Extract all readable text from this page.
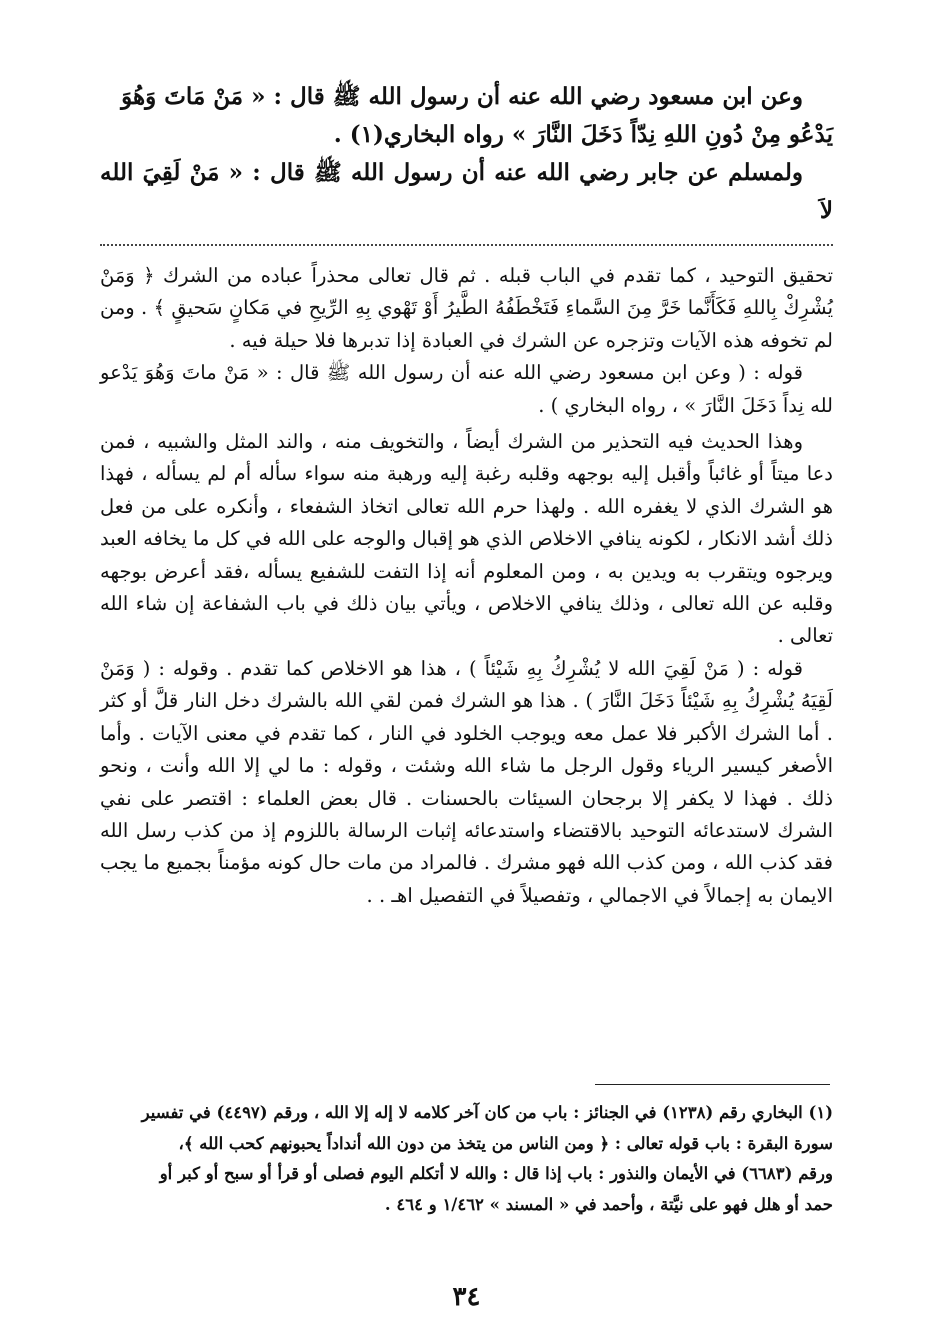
وعن ابن مسعود رضي الله عنه أن رسول الله ﷺ قال : « مَنْ مَاتَ وَهُوَ

يَدْعُو مِنْ دُونِ اللهِ نِدّاً دَخَلَ النَّارَ » رواه البخاري(١) .

ولمسلم عن جابر رضي الله عنه أن رسول الله ﷺ قال : « مَنْ لَقِيَ الله لاَ

تحقيق التوحيد ، كما تقدم في الباب قبله . ثم قال تعالى محذراً عباده من الشرك ﴿ وَمَنْ يُشْرِكْ بِاللهِ فَكَأَنَّما خَرَّ مِنَ السَّماءِ فَتَخْطَفُهُ الطَّيرُ أَوْ تَهْوي بِهِ الرِّيحِ في مَكانٍ سَحيقٍ ﴾ . ومن لم تخوفه هذه الآيات وتزجره عن الشرك في العبادة إذا تدبرها فلا حيلة فيه .

قوله : ( وعن ابن مسعود رضي الله عنه أن رسول الله ﷺ قال : « مَنْ ماتَ وَهُوَ يَدْعو لله نِداً دَخَلَ النَّارَ » ، رواه البخاري ) .

وهذا الحديث فيه التحذير من الشرك أيضاً ، والتخويف منه ، والند المثل والشبيه ، فمن دعا ميتاً أو غائباً وأقبل إليه بوجهه وقلبه رغبة إليه ورهبة منه سواء سأله أم لم يسأله ، فهذا هو الشرك الذي لا يغفره الله . ولهذا حرم الله تعالى اتخاذ الشفعاء ، وأنكره على من فعل ذلك أشد الانكار ، لكونه ينافي الاخلاص الذي هو إقبال والوجه على الله في كل ما يخافه العبد ويرجوه ويتقرب به ويدين به ، ومن المعلوم أنه إذا التفت للشفيع يسأله ،فقد أعرض بوجهه وقلبه عن الله تعالى ، وذلك ينافي الاخلاص ، ويأتي بيان ذلك في باب الشفاعة إن شاء الله تعالى .

قوله : ( مَنْ لَقِيَ الله لا يُشْرِكُ بِهِ شَيْئاً ) ، هذا هو الاخلاص كما تقدم . وقوله : ( وَمَنْ لَقِيَهُ يُشْرِكُ بِهِ شَيْئاً دَخَلَ النَّارَ ) . هذا هو الشرك فمن لقي الله بالشرك دخل النار قلَّ أو كثر . أما الشرك الأكبر فلا عمل معه ويوجب الخلود في النار ، كما تقدم في معنى الآيات . وأما الأصغر كيسير الرياء وقول الرجل ما شاء الله وشئت ، وقوله : ما لي إلا الله وأنت ، ونحو ذلك . فهذا لا يكفر إلا برجحان السيئات بالحسنات . قال بعض العلماء : اقتصر على نفي الشرك لاستدعائه التوحيد بالاقتضاء واستدعائه إثبات الرسالة باللزوم إذ من كذب رسل الله فقد كذب الله ، ومن كذب الله فهو مشرك . فالمراد من مات حال كونه مؤمناً بجميع ما يجب الايمان به إجمالاً في الاجمالي ، وتفصيلاً في التفصيل اهـ . .

(١) البخاري رقم (١٢٣٨) في الجنائز : باب من كان آخر كلامه لا إله إلا الله ، ورقم (٤٤٩٧) في تفسير

سورة البقرة : باب قوله تعالى : ﴿ ومن الناس من يتخذ من دون الله أنداداً يحبونهم كحب الله ﴾،

ورقم (٦٦٨٣) في الأيمان والنذور : باب إذا قال : والله لا أتكلم اليوم فصلى أو قرأ أو سبح أو كبر أو

حمد أو هلل فهو على نيَّتة ، وأحمد في « المسند » ١/٤٦٢ و ٤٦٤ .

٣٤
